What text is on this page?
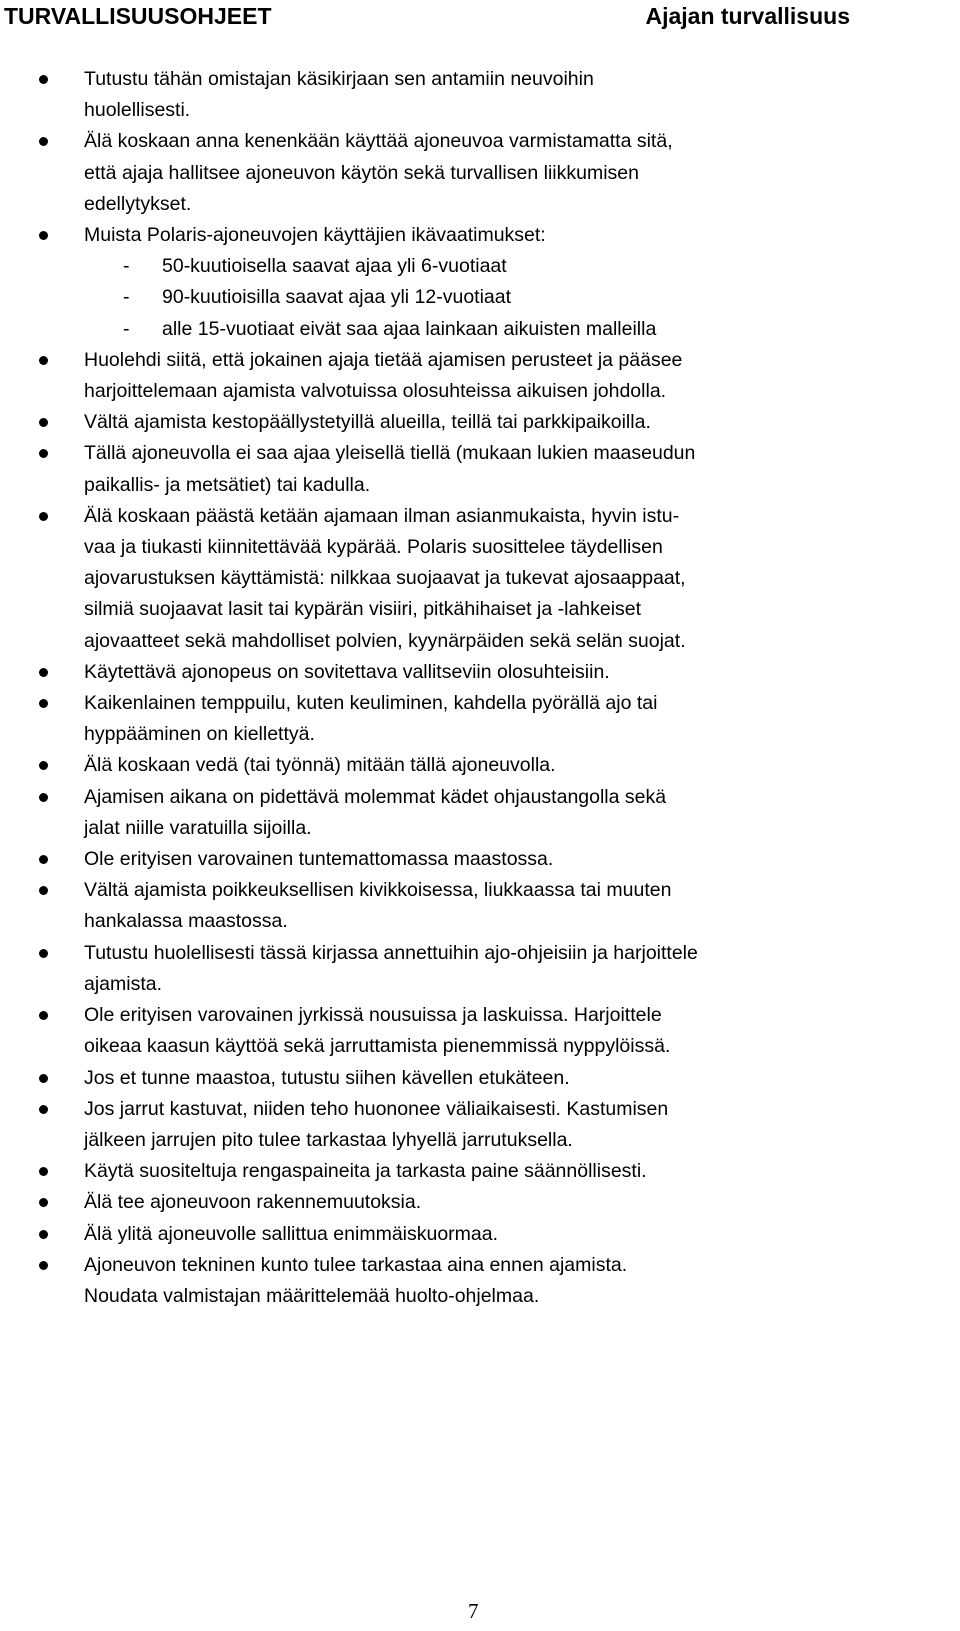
TURVALLISUUSOHJEET	Ajajan turvallisuus
Tutustu tähän omistajan käsikirjaan sen antamiin neuvoihin
huolellisesti.
Älä koskaan anna kenenkään käyttää ajoneuvoa varmistamatta sitä,
että ajaja hallitsee ajoneuvon käytön sekä turvallisen liikkumisen
edellytykset.
Muista Polaris-ajoneuvojen käyttäjien ikävaatimukset:
- 50-kuutioisella saavat ajaa yli 6-vuotiaat
- 90-kuutioisilla saavat ajaa yli 12-vuotiaat
- alle 15-vuotiaat eivät saa ajaa lainkaan aikuisten malleilla
Huolehdi siitä, että jokainen ajaja tietää ajamisen perusteet ja pääsee
harjoittelemaan ajamista valvotuissa olosuhteissa aikuisen johdolla.
Vältä ajamista kestopäällystetyillä alueilla, teillä tai parkkipaikoilla.
Tällä ajoneuvolla ei saa ajaa yleisellä tiellä (mukaan lukien maaseudun
paikallis- ja metsätiet) tai kadulla.
Älä koskaan päästä ketään ajamaan ilman asianmukaista, hyvin istu-
vaa ja tiukasti kiinnitettävää kypärää. Polaris suosittelee täydellisen
ajovarustuksen käyttämistä: nilkkaa suojaavat ja tukevat ajosaappaat,
silmiä suojaavat lasit tai kypärän visiiri, pitkähihaiset ja -lahkeiset
ajovaatteet sekä mahdolliset polvien, kyynärpäiden sekä selän suojat.
Käytettävä ajonopeus on sovitettava vallitseviin olosuhteisiin.
Kaikenlainen temppuilu, kuten keuliminen, kahdella pyörällä ajo tai
hyppääminen on kiellettyä.
Älä koskaan vedä (tai työnnä) mitään tällä ajoneuvolla.
Ajamisen aikana on pidettävä molemmat kädet ohjaustangolla sekä
jalat niille varatuilla sijoilla.
Ole erityisen varovainen tuntemattomassa maastossa.
Vältä ajamista poikkeuksellisen kivikkoisessa, liukkaassa tai muuten
hankalassa maastossa.
Tutustu huolellisesti tässä kirjassa annettuihin ajo-ohjeisiin ja harjoittele
ajamista.
Ole erityisen varovainen jyrkissä nousuissa ja laskuissa. Harjoittele
oikeaa kaasun käyttöä sekä jarruttamista pienemmissä nyppylöissä.
Jos et tunne maastoa, tutustu siihen kävellen etukäteen.
Jos jarrut kastuvat, niiden teho huononee väliaikaisesti. Kastumisen
jälkeen jarrujen pito tulee tarkastaa lyhyellä jarrutuksella.
Käytä suositeltuja rengaspaineita ja tarkasta paine säännöllisesti.
Älä tee ajoneuvoon rakennemuutoksia.
Älä ylitä ajoneuvolle sallittua enimmäiskuormaa.
Ajoneuvon tekninen kunto tulee tarkastaa aina ennen ajamista.
Noudata valmistajan määrittelemää huolto-ohjelmaa.
7
